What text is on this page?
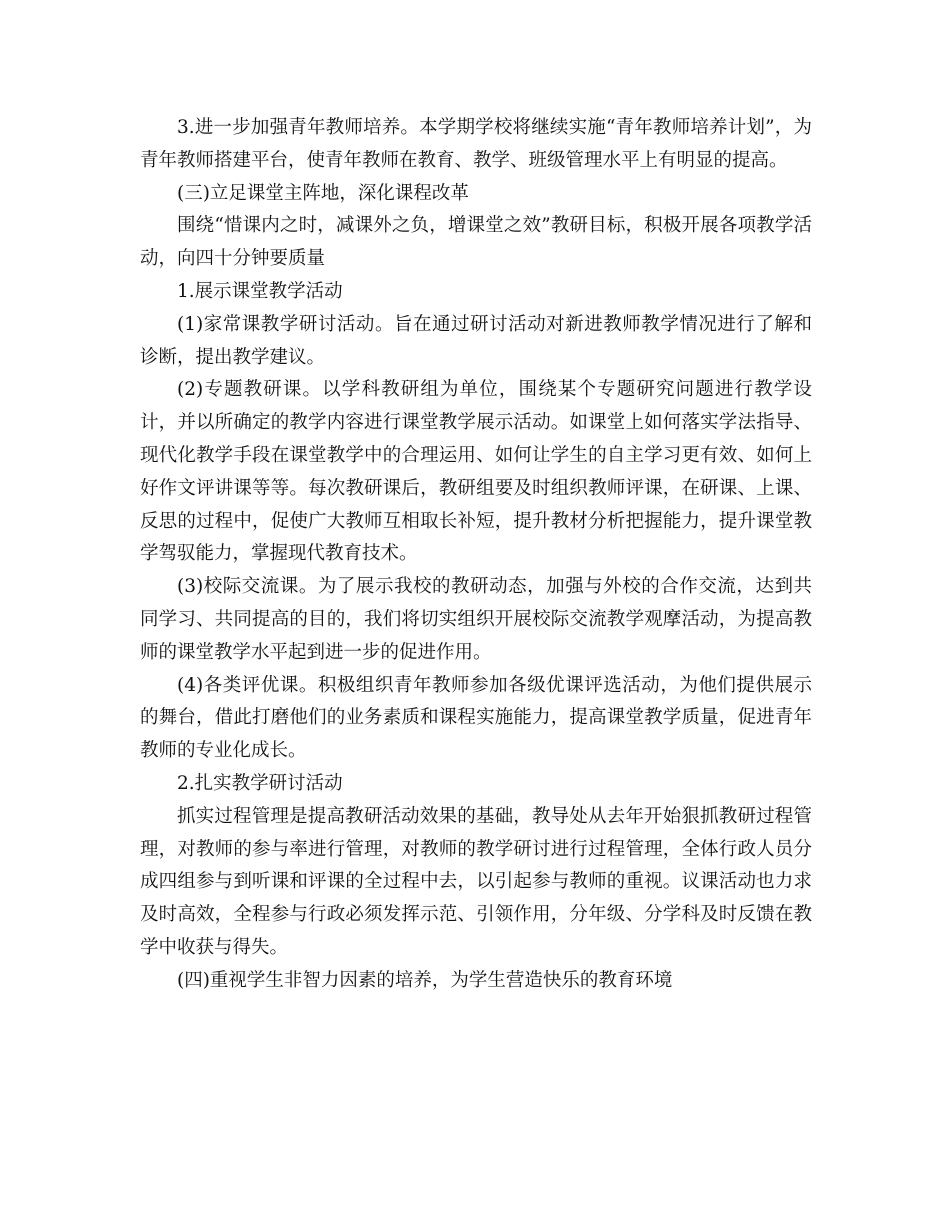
3.进一步加强青年教师培养。本学期学校将继续实施“青年教师培养计划”，为青年教师搭建平台，使青年教师在教育、教学、班级管理水平上有明显的提高。

(三)立足课堂主阵地，深化课程改革

围绕“惜课内之时，减课外之负，增课堂之效”教研目标，积极开展各项教学活动，向四十分钟要质量

1.展示课堂教学活动

(1)家常课教学研讨活动。旨在通过研讨活动对新进教师教学情况进行了解和诊断，提出教学建议。

(2)专题教研课。以学科教研组为单位，围绕某个专题研究问题进行教学设计，并以所确定的教学内容进行课堂教学展示活动。如课堂上如何落实学法指导、现代化教学手段在课堂教学中的合理运用、如何让学生的自主学习更有效、如何上好作文评讲课等等。每次教研课后，教研组要及时组织教师评课，在研课、上课、反思的过程中，促使广大教师互相取长补短，提升教材分析把握能力，提升课堂教学驾驭能力，掌握现代教育技术。

(3)校际交流课。为了展示我校的教研动态，加强与外校的合作交流，达到共同学习、共同提高的目的，我们将切实组织开展校际交流教学观摩活动，为提高教师的课堂教学水平起到进一步的促进作用。

(4)各类评优课。积极组织青年教师参加各级优课评选活动，为他们提供展示的舞台，借此打磨他们的业务素质和课程实施能力，提高课堂教学质量，促进青年教师的专业化成长。

2.扎实教学研讨活动

抓实过程管理是提高教研活动效果的基础，教导处从去年开始狠抓教研过程管理，对教师的参与率进行管理，对教师的教学研讨进行过程管理，全体行政人员分成四组参与到听课和评课的全过程中去，以引起参与教师的重视。议课活动也力求及时高效，全程参与行政必须发挥示范、引领作用，分年级、分学科及时反馈在教学中收获与得失。

(四)重视学生非智力因素的培养，为学生营造快乐的教育环境
